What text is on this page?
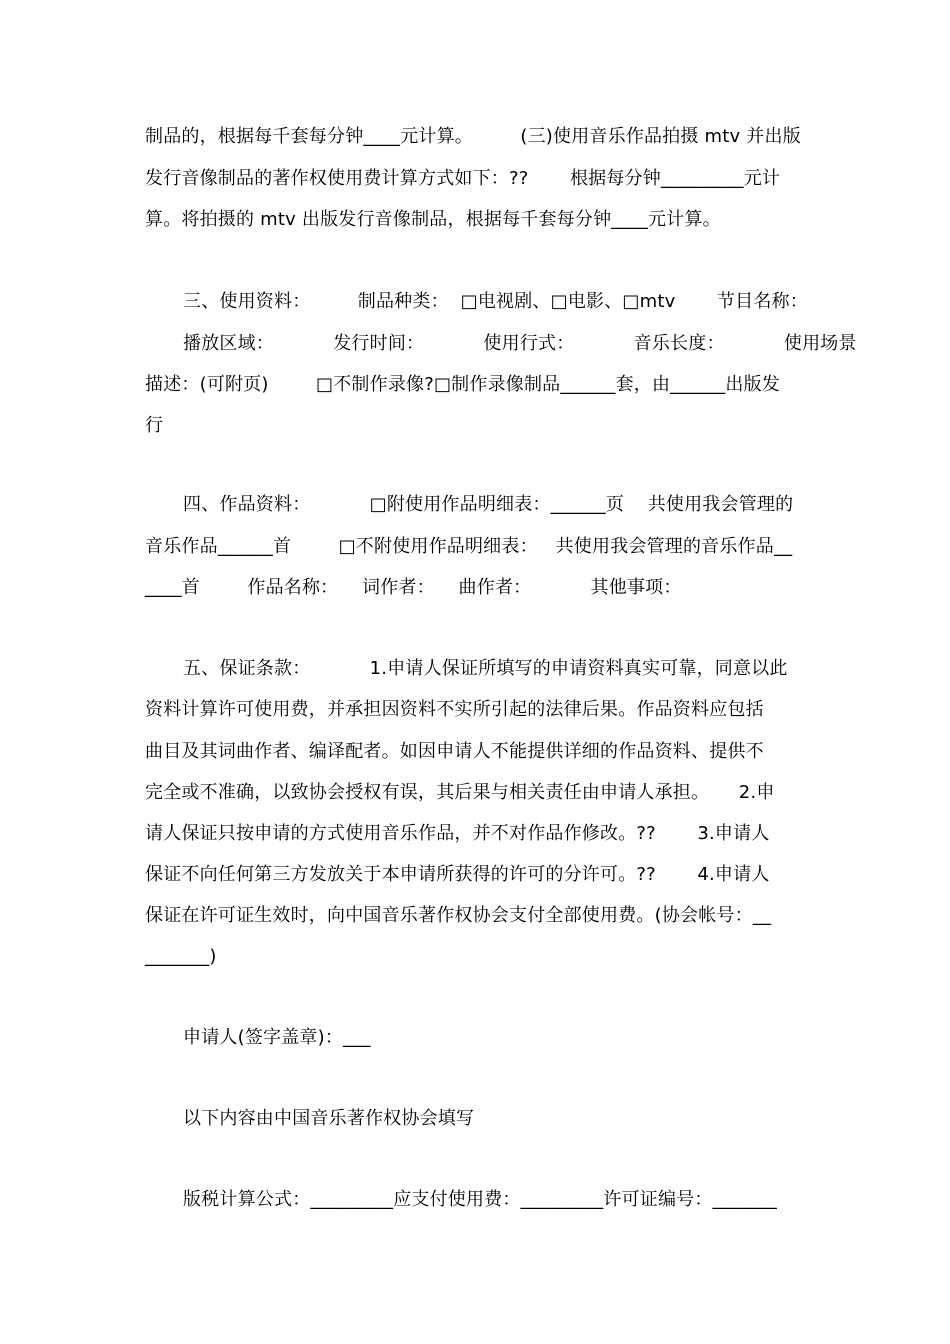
制品的，根据每千套每分钟____元计算。        (三)使用音乐作品拍摄 mtv 并出版
发行音像制品的著作权使用费计算方式如下：??       根据每分钟_________元计
算。将拍摄的 mtv 出版发行音像制品，根据每千套每分钟____元计算。
三、使用资料：        制品种类：  □电视剧、□电影、□mtv       节目名称：
播放区域：          发行时间：          使用行式：          音乐长度：          使用场景
描述：(可附页)        □不制作录像?□制作录像制品______套，由______出版发
行
四、作品资料：          □附使用作品明细表：______页    共使用我会管理的
音乐作品______首        □不附使用作品明细表：   共使用我会管理的音乐作品__
____首        作品名称：    词作者：    曲作者：          其他事项：
五、保证条款：          1.申请人保证所填写的申请资料真实可靠，同意以此
资料计算许可使用费，并承担因资料不实所引起的法律后果。作品资料应包括
曲目及其词曲作者、编译配者。如因申请人不能提供详细的作品资料、提供不
完全或不准确，以致协会授权有误，其后果与相关责任由申请人承担。     2.申
请人保证只按申请的方式使用音乐作品，并不对作品作修改。??       3.申请人
保证不向任何第三方发放关于本申请所获得的许可的分许可。??       4.申请人
保证在许可证生效时，向中国音乐著作权协会支付全部使用费。(协会帐号：__
_______)
申请人(签字盖章)：___
以下内容由中国音乐著作权协会填写
版税计算公式：_________应支付使用费：_________许可证编号：_______
